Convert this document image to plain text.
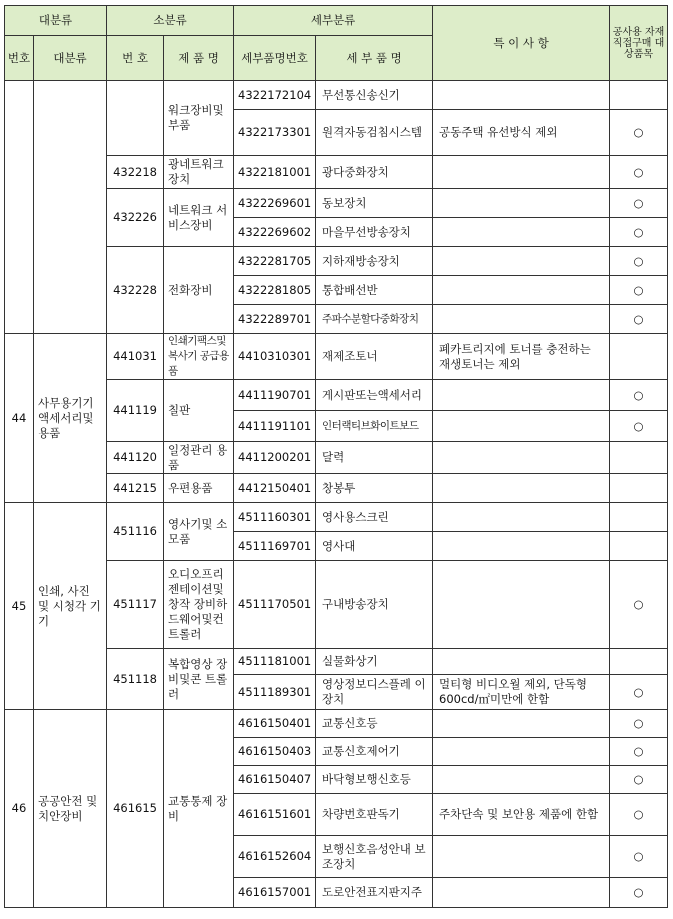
대분류		소분류		세부분류		특 이 사 항	공사용 자재 직접구매 대상품목
번호	대분류	번 호	제 품 명	세부품명번호	세 부 품 명		
			워크장비및부품	4322172104	무선통신송신기		
				4322173301	원격자동검침시스템	공동주택 유선방식 제외	○
		432218	광네트워크장치	4322181001	광다중화장치		○
		432226	네트워크 서비스장비	4322269601	동보장치		○
				4322269602	마을무선방송장치		○
		432228	전화장비	4322281705	지하재방송장치		○
				4322281805	통합배선반		○
				4322289701	주파수분할다중화장치		○
44	사무용기기 액세서리및용품	441031	인쇄기팩스및복사기 공급용품	4410310301	재제조토너	폐카트리지에 토너를 충전하는 재생토너는 제외	
		441119	칠판	4411190701	게시판또는액세서리		○
				4411191101	인터랙티브화이트보드		○
		441120	일정관리 용품	4411200201	달력		
		441215	우편용품	4412150401	창봉투		
45	인쇄, 사진 및 시청각 기기	451116	영사기및 소모품	4511160301	영사용스크린		
				4511169701	영사대		
		451117	오디오프리젠테이션및창작 장비하드웨어및컨트롤러	4511170501	구내방송장치		○
		451118	복합영상 장비및콘 트롤러	4511181001	실물화상기		
				4511189301	영상정보디스플레 이장치	멀티형 비디오월 제외, 단독형 600cd/㎡미만에 한함	○
46	공공안전 및치안장비	461615	교통통제 장비	4616150401	교통신호등		○
				4616150403	교통신호제어기		○
				4616150407	바닥형보행신호등		○
				4616151601	차량번호판독기	주차단속 및 보안용 제품에 한함	○
				4616152604	보행신호음성안내 보조장치		○
				4616157001	도로안전표지판지주		○
